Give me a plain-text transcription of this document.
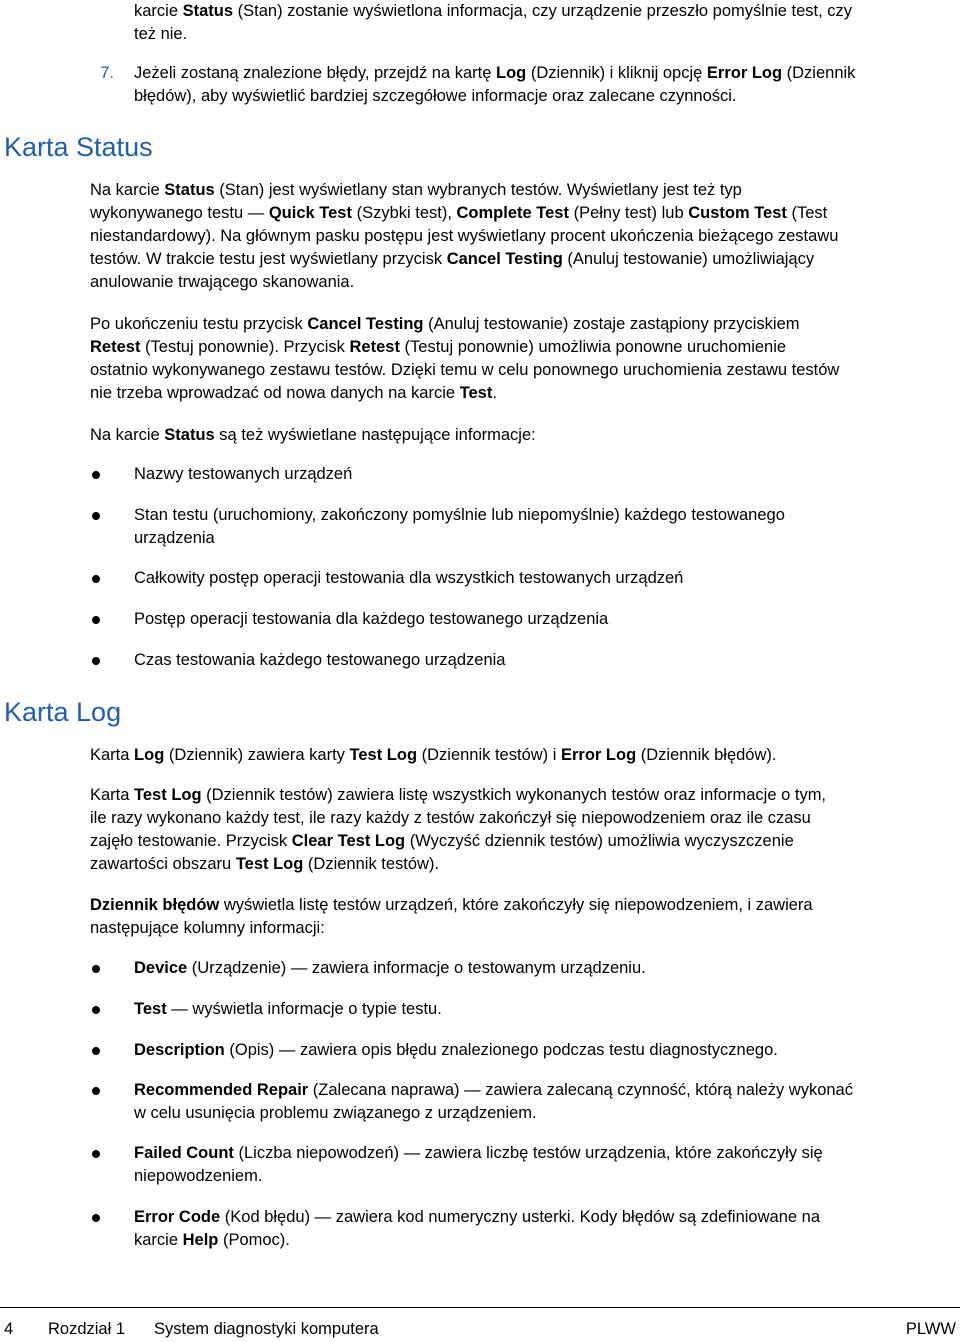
karcie Status (Stan) zostanie wyświetlona informacja, czy urządzenie przeszło pomyślnie test, czy

też nie.

7. Jeżeli zostaną znalezione błędy, przejdź na kartę Log (Dziennik) i kliknij opcję Error Log (Dziennik

błędów), aby wyświetlić bardziej szczegółowe informacje oraz zalecane czynności.

Karta Status

Na karcie Status (Stan) jest wyświetlany stan wybranych testów. Wyświetlany jest też typ

wykonywanego testu — Quick Test (Szybki test), Complete Test (Pełny test) lub Custom Test (Test

niestandardowy). Na głównym pasku postępu jest wyświetlany procent ukończenia bieżącego zestawu

testów. W trakcie testu jest wyświetlany przycisk Cancel Testing (Anuluj testowanie) umożliwiający

anulowanie trwającego skanowania.

Po ukończeniu testu przycisk Cancel Testing (Anuluj testowanie) zostaje zastąpiony przyciskiem

Retest (Testuj ponownie). Przycisk Retest (Testuj ponownie) umożliwia ponowne uruchomienie

ostatnio wykonywanego zestawu testów. Dzięki temu w celu ponownego uruchomienia zestawu testów

nie trzeba wprowadzać od nowa danych na karcie Test.

Na karcie Status są też wyświetlane następujące informacje:

Karta Log

Karta Log (Dziennik) zawiera karty Test Log (Dziennik testów) i Error Log (Dziennik błędów).

Karta Test Log (Dziennik testów) zawiera listę wszystkich wykonanych testów oraz informacje o tym,

ile razy wykonano każdy test, ile razy każdy z testów zakończył się niepowodzeniem oraz ile czasu

zajęło testowanie. Przycisk Clear Test Log (Wyczyść dziennik testów) umożliwia wyczyszczenie

zawartości obszaru Test Log (Dziennik testów).

Dziennik błędów wyświetla listę testów urządzeń, które zakończyły się niepowodzeniem, i zawiera

następujące kolumny informacji:

4 Rozdział 1 System diagnostyki komputera	PLWW

Nazwy testowanych urządzeń

Stan testu (uruchomiony, zakończony pomyślnie lub niepomyślnie) każdego testowanego

urządzenia

Całkowity postęp operacji testowania dla wszystkich testowanych urządzeń

Postęp operacji testowania dla każdego testowanego urządzenia

Czas testowania każdego testowanego urządzenia

Device (Urządzenie) — zawiera informacje o testowanym urządzeniu.

Test — wyświetla informacje o typie testu.

Description (Opis) — zawiera opis błędu znalezionego podczas testu diagnostycznego.

Recommended Repair (Zalecana naprawa) — zawiera zalecaną czynność, którą należy wykonać

w celu usunięcia problemu związanego z urządzeniem.

Failed Count (Liczba niepowodzeń) — zawiera liczbę testów urządzenia, które zakończyły się

niepowodzeniem.

Error Code (Kod błędu) — zawiera kod numeryczny usterki. Kody błędów są zdefiniowane na

karcie Help (Pomoc).
